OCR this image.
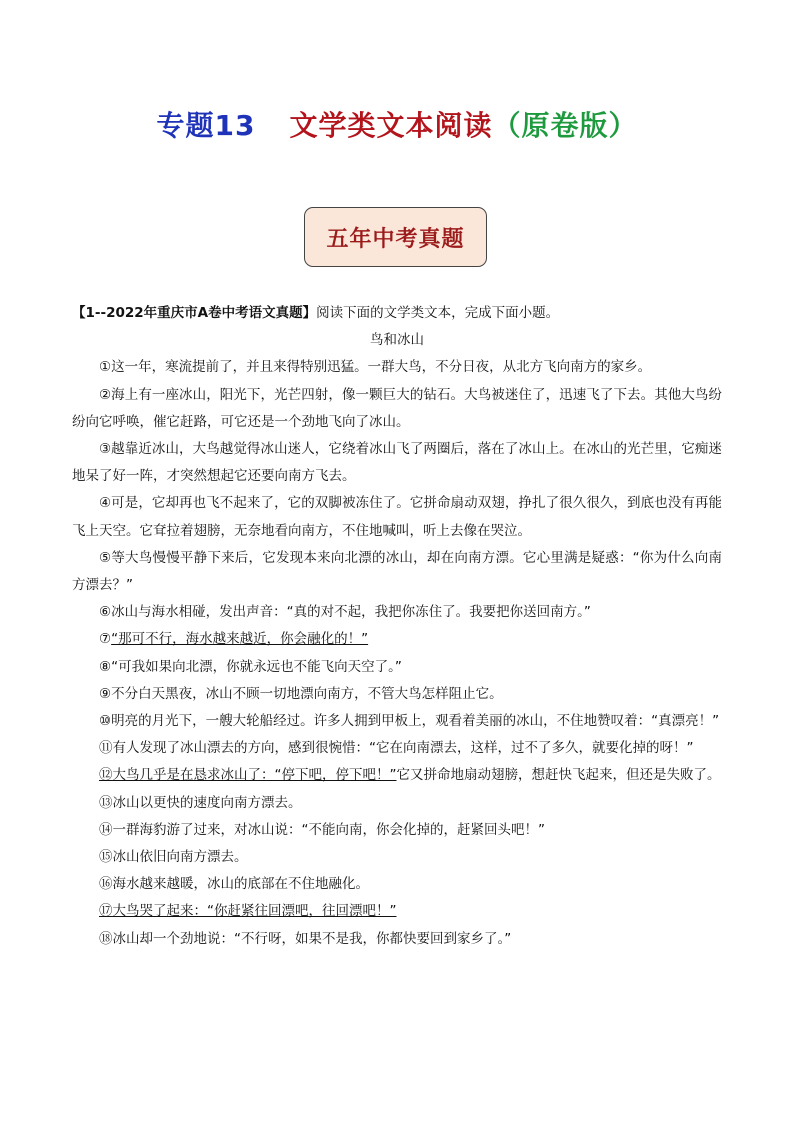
专题13 文学类文本阅读（原卷版）
五年中考真题

【1--2022年重庆市A卷中考语文真题】阅读下面的文学类文本，完成下面小题。

鸟和冰山

①这一年，寒流提前了，并且来得特别迅猛。一群大鸟，不分日夜，从北方飞向南方的家乡。

②海上有一座冰山，阳光下，光芒四射，像一颗巨大的钻石。大鸟被迷住了，迅速飞了下去。其他大鸟纷纷向它呼唤，催它赶路，可它还是一个劲地飞向了冰山。

③越靠近冰山，大鸟越觉得冰山迷人，它绕着冰山飞了两圈后，落在了冰山上。在冰山的光芒里，它痴迷地呆了好一阵，才突然想起它还要向南方飞去。

④可是，它却再也飞不起来了，它的双脚被冻住了。它拼命扇动双翅，挣扎了很久很久，到底也没有再能飞上天空。它耷拉着翅膀，无奈地看向南方，不住地喊叫，听上去像在哭泣。

⑤等大鸟慢慢平静下来后，它发现本来向北漂的冰山，却在向南方漂。它心里满是疑惑：“你为什么向南方漂去？”

⑥冰山与海水相碰，发出声音：“真的对不起，我把你冻住了。我要把你送回南方。”

⑦“那可不行，海水越来越近，你会融化的！”

⑧“可我如果向北漂，你就永远也不能飞向天空了。”

⑨不分白天黑夜，冰山不顾一切地漂向南方，不管大鸟怎样阻止它。

⑩明亮的月光下，一艘大轮船经过。许多人拥到甲板上，观看着美丽的冰山，不住地赞叹着：“真漂亮！”

⑪有人发现了冰山漂去的方向，感到很惋惜：“它在向南漂去，这样，过不了多久，就要化掉的呀！”

⑫大鸟几乎是在恳求冰山了：“停下吧，停下吧！”它又拼命地扇动翅膀，想赶快飞起来，但还是失败了。

⑬冰山以更快的速度向南方漂去。

⑭一群海豹游了过来，对冰山说：“不能向南，你会化掉的，赶紧回头吧！”

⑮冰山依旧向南方漂去。

⑯海水越来越暖，冰山的底部在不住地融化。

⑰大鸟哭了起来：“你赶紧往回漂吧，往回漂吧！”

⑱冰山却一个劲地说：“不行呀，如果不是我，你都快要回到家乡了。”
